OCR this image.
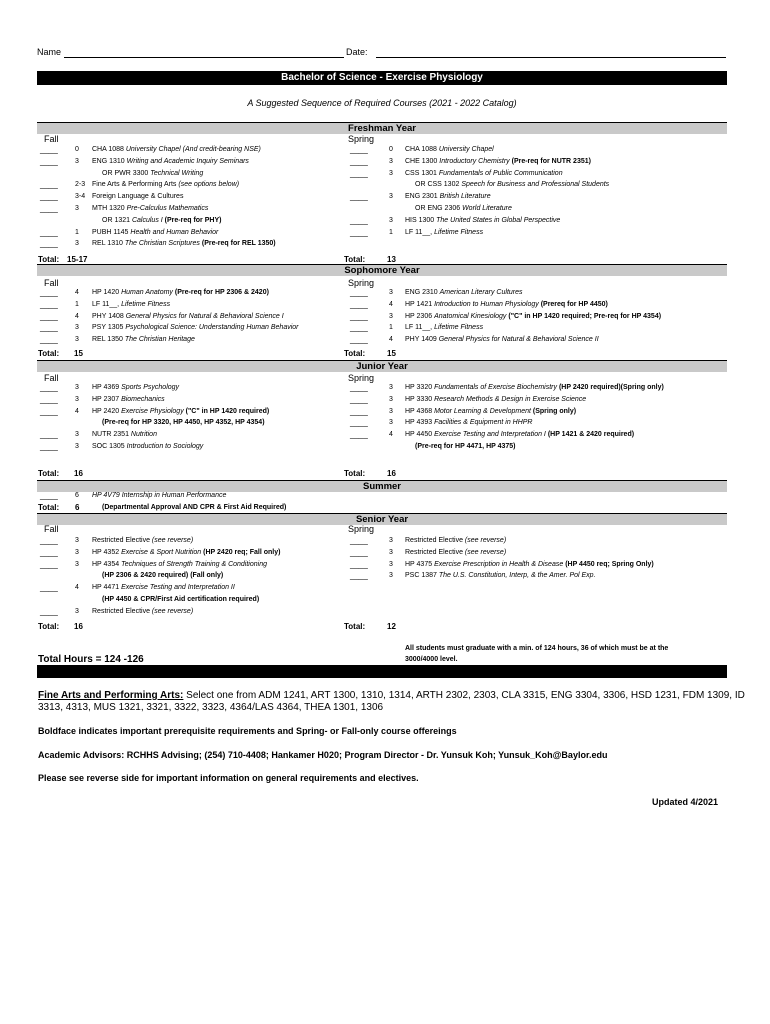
Name	Date:
Bachelor of Science - Exercise Physiology
A Suggested Sequence of Required Courses (2021 - 2022 Catalog)
Freshman Year
Fall	Spring
____ 0 CHA 1088 University Chapel (And credit-bearing NSE)
____ 3 ENG 1310 Writing and Academic Inquiry Seminars
OR PWR 3300 Technical Writing
____ 2-3 Fine Arts & Performing Arts (see options below)
____ 3-4 Foreign Language & Cultures
____ 3 MTH 1320 Pre-Calculus Mathematics
OR 1321 Calculus I (Pre-req for PHY)
____ 1 PUBH 1145 Health and Human Behavior
____ 3 REL 1310 The Christian Scriptures (Pre-req for REL 1350)
____	0 CHA 1088 University Chapel
____	3 CHE 1300 Introductory Chemistry (Pre-req for NUTR 2351)
____	3 CSS 1301 Fundamentals of Public Communication
OR CSS 1302 Speech for Business and Professional Students
____	3 ENG 2301 British Literature
OR ENG 2306 World Literature
____	3 HIS 1300 The United States in Global Perspective
____	1 LF 11__, Lifetime Fitness
Total: 15-17	Total:	13
Sophomore Year
Fall	Spring
____ 4 HP 1420 Human Anatomy (Pre-req for HP 2306 & 2420)
____ 1 LF 11__, Lifetime Fitness
____ 4 PHY 1408 General Physics for Natural & Behavioral Science I
____ 3 PSY 1305 Psychological Science: Understanding Human Behavior
____ 3 REL 1350 The Christian Heritage
____	3 ENG 2310 American Literary Cultures
____	4 HP 1421 Introduction to Human Physiology (Prereq for HP 4450)
____	3 HP 2306 Anatomical Kinesiology ("C" in HP 1420 required; Pre-req for HP 4354)
____	1 LF 11__, Lifetime Fitness
____	4 PHY 1409 General Physics for Natural & Behavioral Science II
Total: 15	Total:	15
Junior Year
Fall	Spring
____ 3 HP 4369 Sports Psychology
____ 3 HP 2307 Biomechanics
____ 4 HP 2420 Exercise Physiology ("C" in HP 1420 required)
(Pre-req for HP 3320, HP 4450, HP 4352, HP 4354)
____ 3 NUTR 2351 Nutrition
____ 3 SOC 1305 Introduction to Sociology
____	3 HP 3320 Fundamentals of Exercise Biochemistry (HP 2420 required)(Spring only)
____	3 HP 3330 Research Methods & Design in Exercise Science
____	3 HP 4368 Motor Learning & Development (Spring only)
____	3 HP 4393 Facilities & Equipment in HHPR
____	4 HP 4450 Exercise Testing and Interpretation I (HP 1421 & 2420 required)
(Pre-req for HP 4471, HP 4375)
Total: 16	Total:	16
Summer
____ 6 HP 4V79 Internship in Human Performance
Total: 6	(Departmental Approval AND CPR & First Aid Required)
Senior Year
Fall	Spring
____ 3 Restricted Elective (see reverse)
____ 3 HP 4352 Exercise & Sport Nutrition (HP 2420 req; Fall only)
____ 3 HP 4354 Techniques of Strength Training & Conditioning
(HP 2306 & 2420 required) (Fall only)
____ 4 HP 4471 Exercise Testing and Interpretation II
(HP 4450 & CPR/First Aid certification required)
____ 3 Restricted Elective (see reverse)
____	3 Restricted Elective (see reverse)
____	3 Restricted Elective (see reverse)
____	3 HP 4375 Exercise Prescription in Health & Disease (HP 4450 req; Spring Only)
____	3 PSC 1387 The U.S. Constitution, Interp, & the Amer. Pol Exp.
Total: 16	Total:	12
Total Hours = 124 -126
All students must graduate with a min. of 124 hours, 36 of which must be at the
3000/4000 level.
Fine Arts and Performing Arts: Select one from ADM 1241, ART 1300, 1310, 1314, ARTH 2302, 2303, CLA 3315, ENG 3304, 3306, HSD 1231, FDM 1309, ID
3313, 4313, MUS 1321, 3321, 3322, 3323, 4364/LAS 4364, THEA 1301, 1306
Boldface indicates important prerequisite requirements and Spring- or Fall-only course offereings
Academic Advisors: RCHHS Advising; (254) 710-4408; Hankamer H020; Program Director - Dr. Yunsuk Koh; Yunsuk_Koh@Baylor.edu
Please see reverse side for important information on general requirements and electives.
Updated 4/2021
